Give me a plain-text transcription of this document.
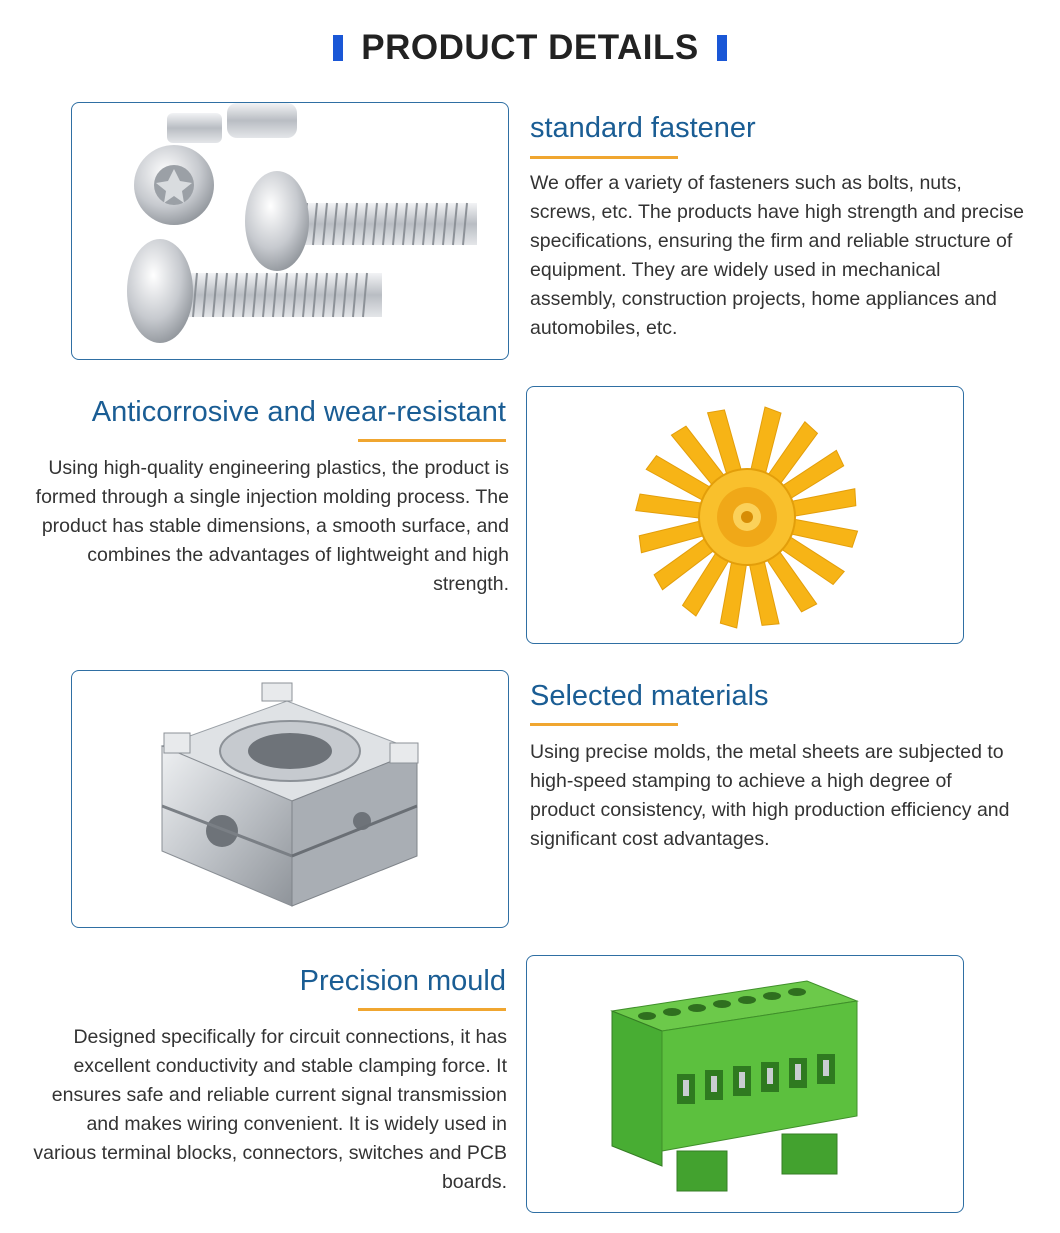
PRODUCT DETAILS
standard fastener

We offer a variety of fasteners such as bolts, nuts, screws, etc. The products have high strength and precise specifications, ensuring the firm and reliable structure of equipment. They are widely used in mechanical assembly, construction projects, home appliances and automobiles, etc.

Anticorrosive and wear-resistant

Using high-quality engineering plastics, the product is formed through a single injection molding process. The product has stable dimensions, a smooth surface, and combines the advantages of lightweight and high strength.

Selected materials

Using precise molds, the metal sheets are subjected to high-speed stamping to achieve a high degree of product consistency, with high production efficiency and significant cost advantages.

Precision mould

Designed specifically for circuit connections, it has excellent conductivity and stable clamping force. It ensures safe and reliable current signal transmission and makes wiring convenient. It is widely used in various terminal blocks, connectors, switches and PCB boards.
